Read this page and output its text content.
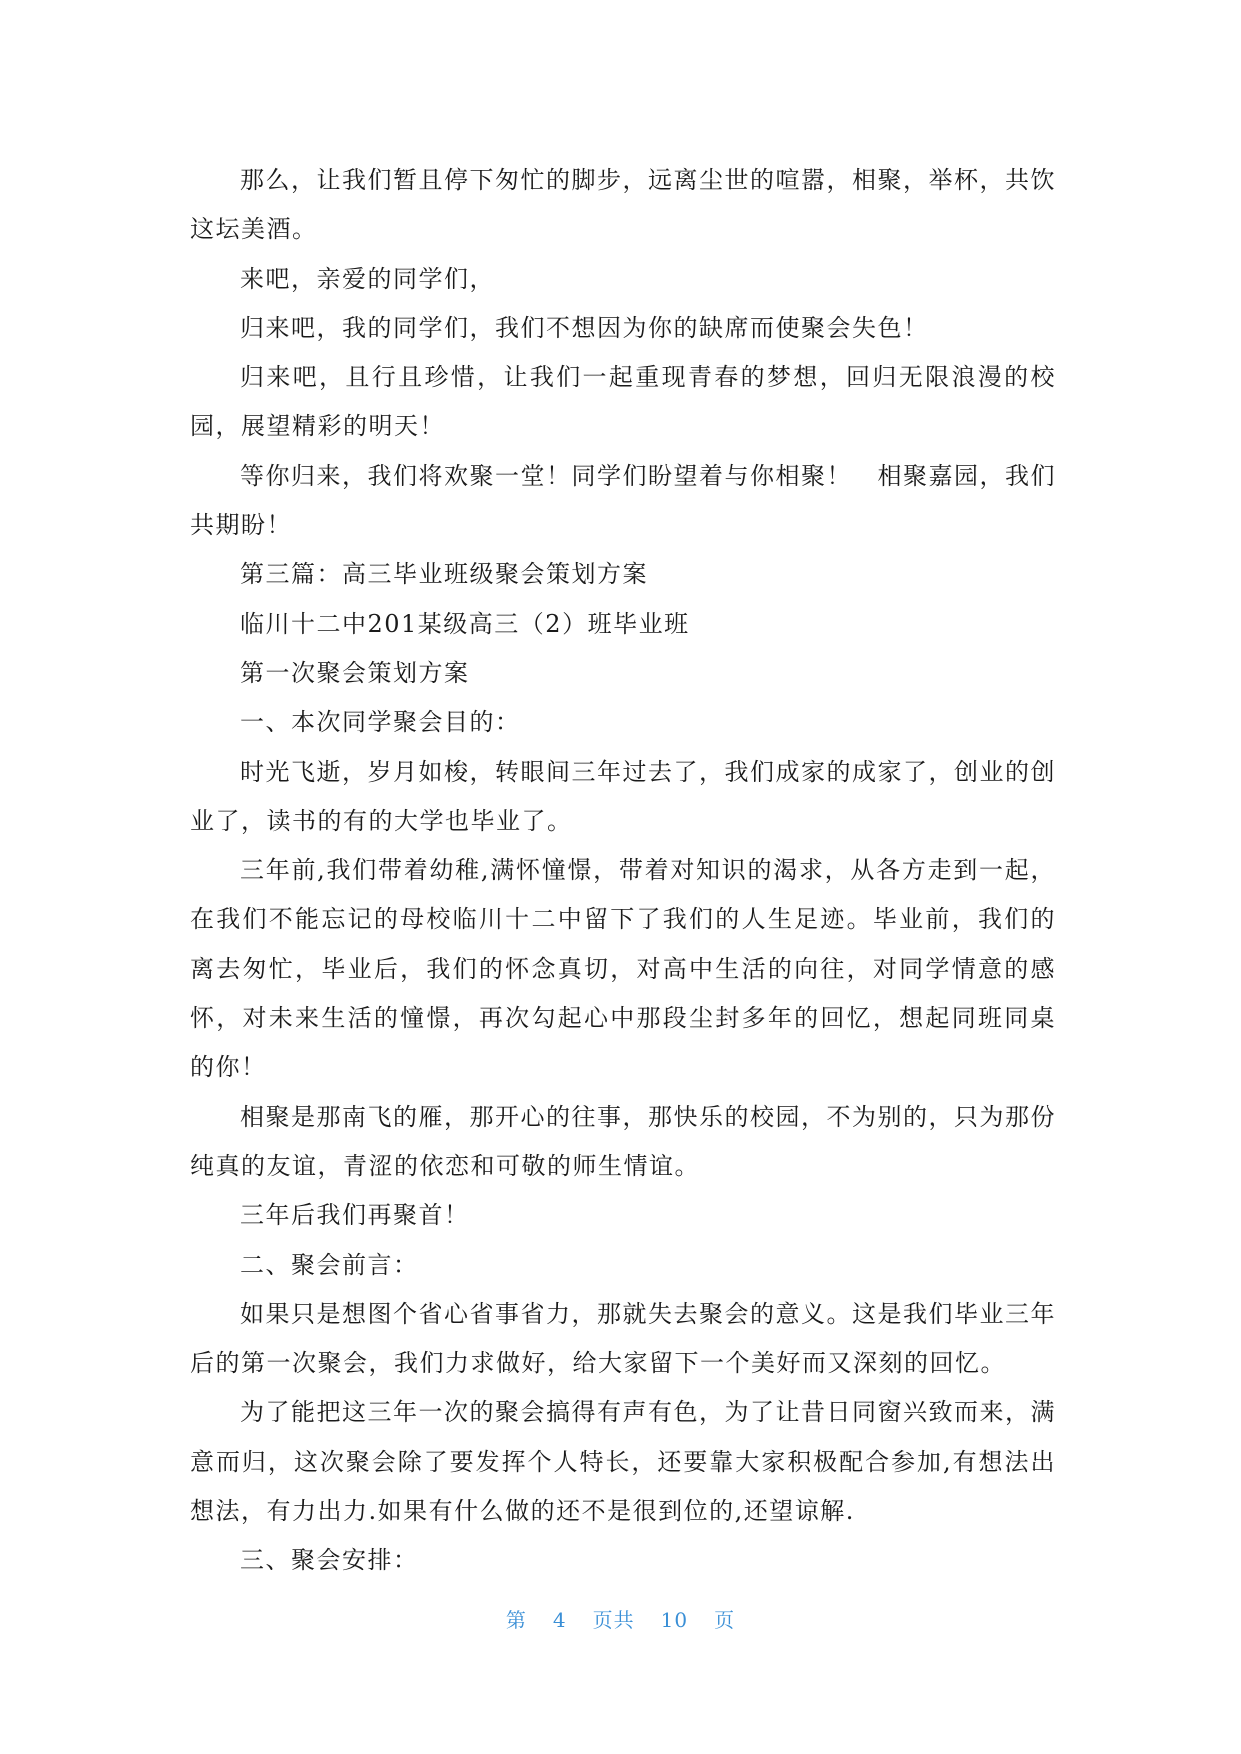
那么，让我们暂且停下匆忙的脚步，远离尘世的喧嚣，相聚，举杯，共饮这坛美酒。

来吧，亲爱的同学们，

归来吧，我的同学们，我们不想因为你的缺席而使聚会失色！

归来吧，且行且珍惜，让我们一起重现青春的梦想，回归无限浪漫的校园，展望精彩的明天！

等你归来，我们将欢聚一堂！同学们盼望着与你相聚！　相聚嘉园，我们共期盼！

第三篇：高三毕业班级聚会策划方案

临川十二中201某级高三（2）班毕业班

第一次聚会策划方案

一、本次同学聚会目的：

时光飞逝，岁月如梭，转眼间三年过去了，我们成家的成家了，创业的创业了，读书的有的大学也毕业了。

三年前,我们带着幼稚,满怀憧憬，带着对知识的渴求，从各方走到一起，在我们不能忘记的母校临川十二中留下了我们的人生足迹。毕业前，我们的离去匆忙，毕业后，我们的怀念真切，对高中生活的向往，对同学情意的感怀，对未来生活的憧憬，再次勾起心中那段尘封多年的回忆，想起同班同桌的你！

相聚是那南飞的雁，那开心的往事，那快乐的校园，不为别的，只为那份纯真的友谊，青涩的依恋和可敬的师生情谊。

三年后我们再聚首！

二、聚会前言：

如果只是想图个省心省事省力，那就失去聚会的意义。这是我们毕业三年后的第一次聚会，我们力求做好，给大家留下一个美好而又深刻的回忆。

为了能把这三年一次的聚会搞得有声有色，为了让昔日同窗兴致而来，满意而归，这次聚会除了要发挥个人特长，还要靠大家积极配合参加,有想法出想法，有力出力.如果有什么做的还不是很到位的,还望谅解.

三、聚会安排：

第 4 页共 10 页
